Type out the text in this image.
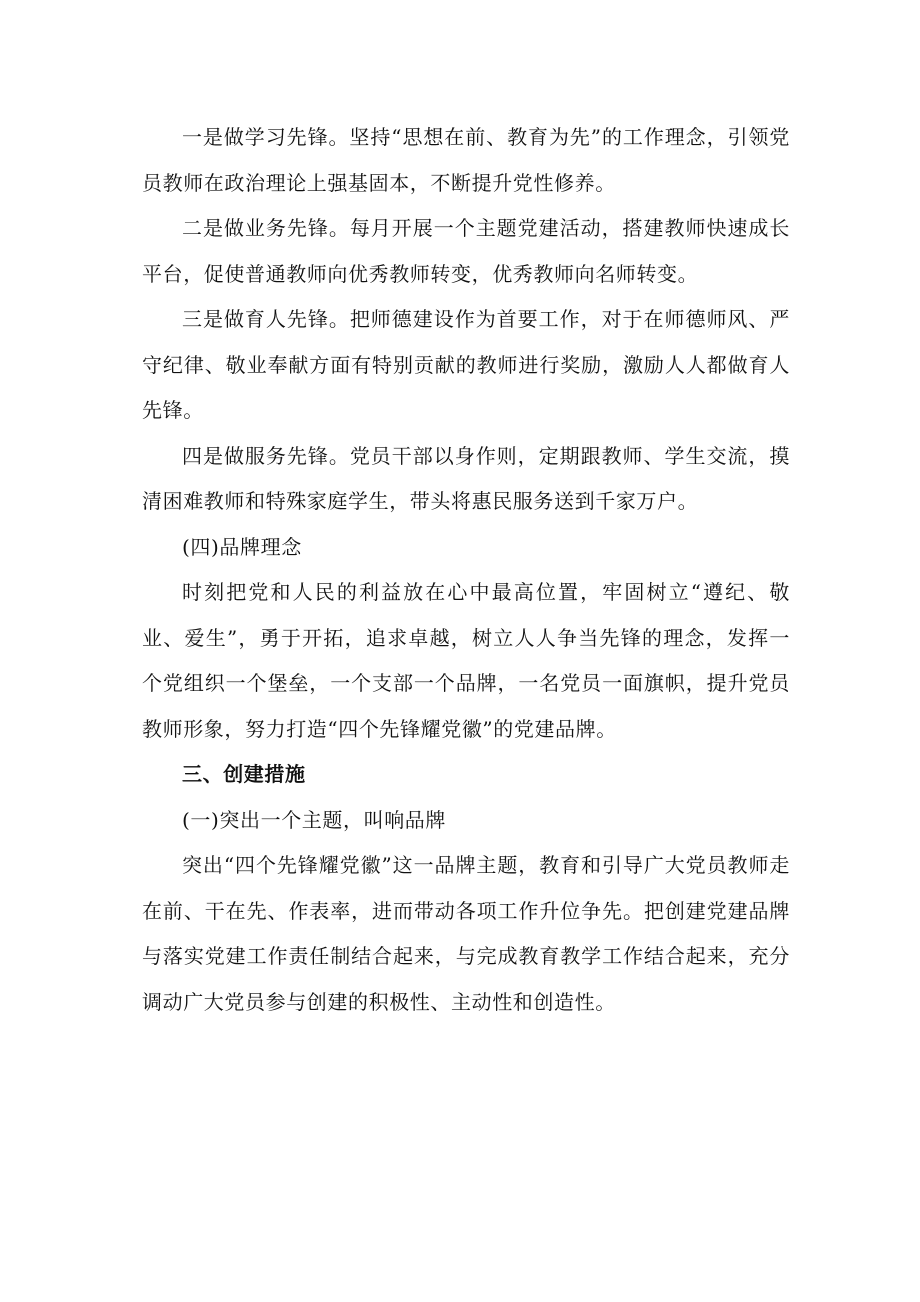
一是做学习先锋。坚持“思想在前、教育为先”的工作理念，引领党员教师在政治理论上强基固本，不断提升党性修养。

二是做业务先锋。每月开展一个主题党建活动，搭建教师快速成长平台，促使普通教师向优秀教师转变，优秀教师向名师转变。

三是做育人先锋。把师德建设作为首要工作，对于在师德师风、严守纪律、敬业奉献方面有特别贡献的教师进行奖励，激励人人都做育人先锋。

四是做服务先锋。党员干部以身作则，定期跟教师、学生交流，摸清困难教师和特殊家庭学生，带头将惠民服务送到千家万户。

(四)品牌理念

时刻把党和人民的利益放在心中最高位置，牢固树立“遵纪、敬业、爱生”，勇于开拓，追求卓越，树立人人争当先锋的理念，发挥一个党组织一个堡垒，一个支部一个品牌，一名党员一面旗帜，提升党员教师形象，努力打造“四个先锋耀党徽”的党建品牌。

三、创建措施

(一)突出一个主题，叫响品牌

突出“四个先锋耀党徽”这一品牌主题，教育和引导广大党员教师走在前、干在先、作表率，进而带动各项工作升位争先。把创建党建品牌与落实党建工作责任制结合起来，与完成教育教学工作结合起来，充分调动广大党员参与创建的积极性、主动性和创造性。
